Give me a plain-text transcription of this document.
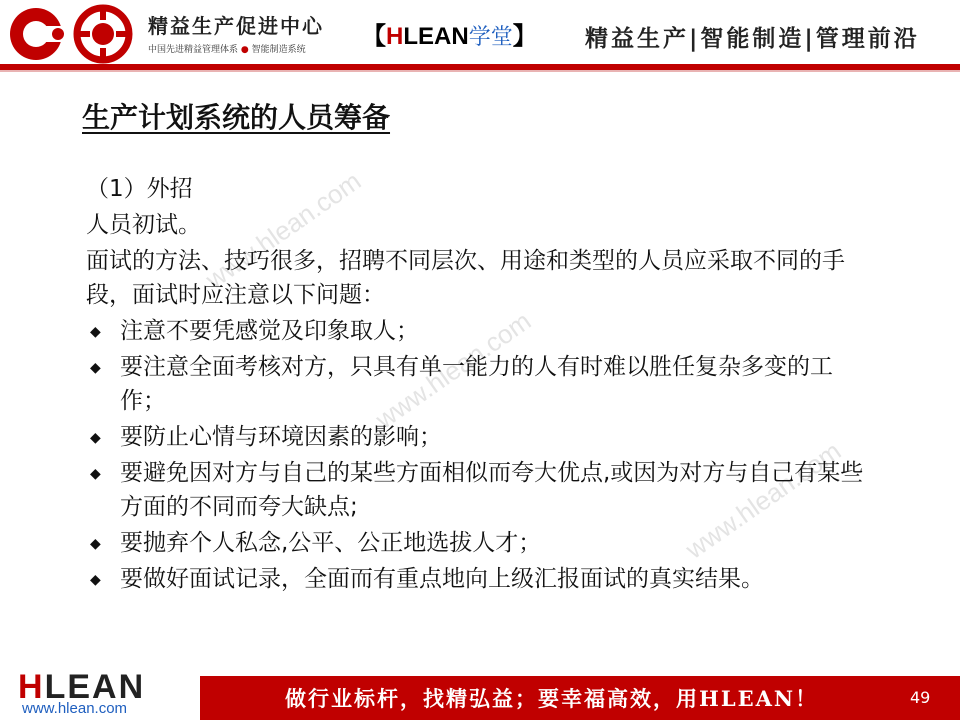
精益生产促进中心
中国先进精益管理体系 ● 智能制造系统 【HLEAN学堂】 精益生产|智能制造|管理前沿
www.hlean.com
www.hlean.com
www.hlean.com
生产计划系统的人员筹备

（1）外招

人员初试。

面试的方法、技巧很多，招聘不同层次、用途和类型的人员应采取不同的手段，面试时应注意以下问题：

◆ 注意不要凭感觉及印象取人；
◆ 要注意全面考核对方，只具有单一能力的人有时难以胜任复杂多变的工作；
◆ 要防止心情与环境因素的影响；
◆ 要避免因对方与自己的某些方面相似而夸大优点,或因为对方与自己有某些方面的不同而夸大缺点;
◆ 要抛弃个人私念,公平、公正地选拔人才；
◆ 要做好面试记录，全面而有重点地向上级汇报面试的真实结果。
HLEAN
www.hlean.com	做行业标杆，找精弘益；要幸福高效，用HLEAN！	49
